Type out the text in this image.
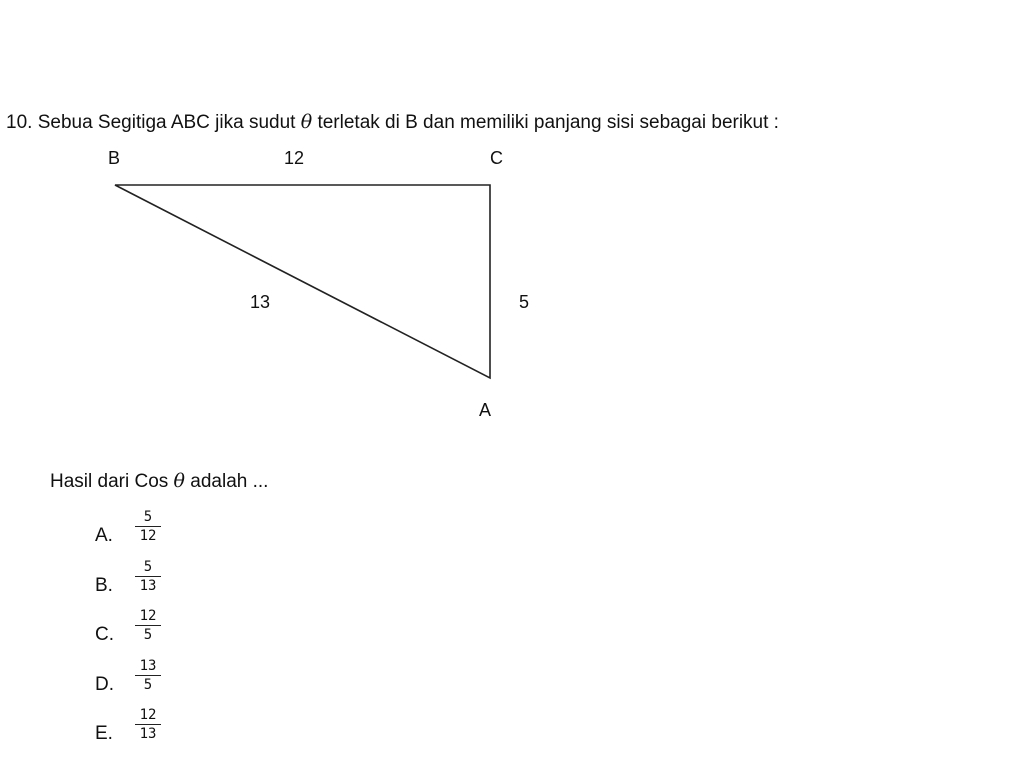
10. Sebua Segitiga ABC jika sudut θ terletak di B dan memiliki panjang sisi sebagai berikut :
B	C
A
12
13	5
Hasil dari Cos θ adalah ...
A. $\frac{5}{12}$
B. $\frac{5}{13}$
C. $\frac{12}{5}$
D. $\frac{13}{5}$
E. $\frac{12}{13}$
